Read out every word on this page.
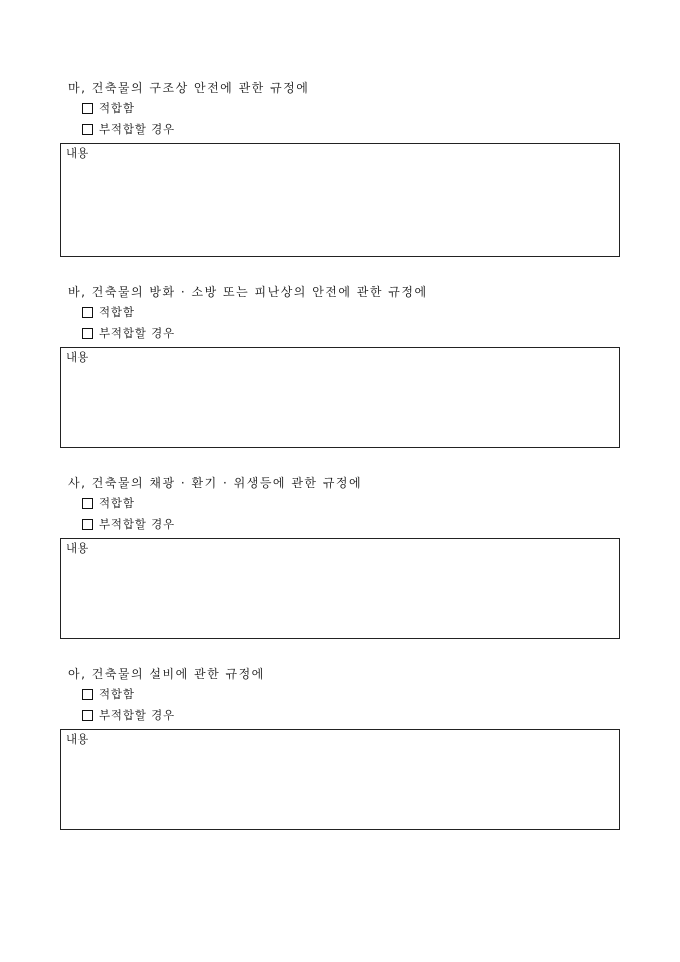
마, 건축물의 구조상 안전에 관한 규정에
적합함
부적합할 경우
내용
바, 건축물의 방화 · 소방 또는 피난상의 안전에 관한 규정에
적합함
부적합할 경우
내용
사, 건축물의 채광 · 환기 · 위생등에 관한 규정에
적합함
부적합할 경우
내용
아, 건축물의 설비에 관한 규정에
적합함
부적합할 경우
내용
